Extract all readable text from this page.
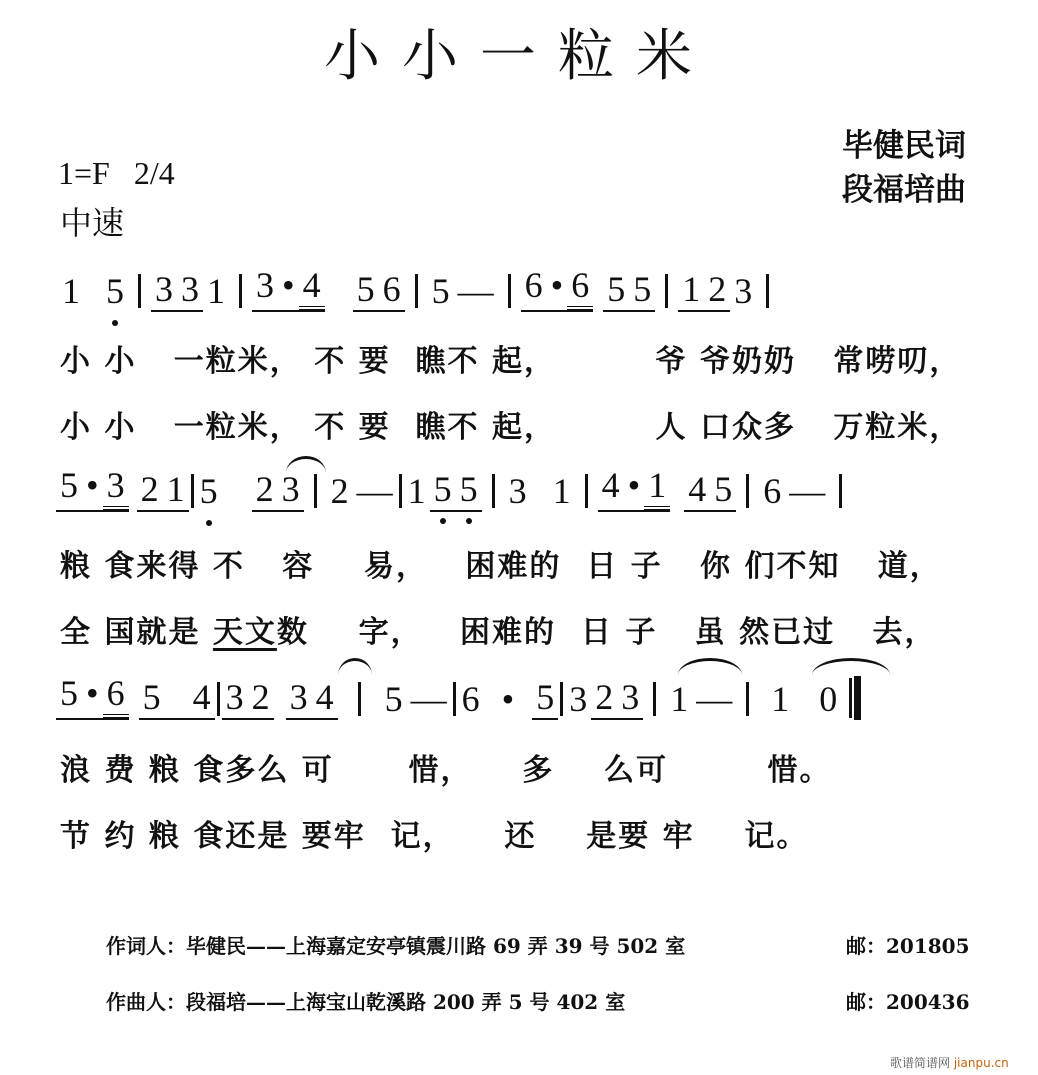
小小一粒米
1=F 2/4
中速
毕健民词
段福培曲
1 5 3 3 1 3 • 4 5 6 5 — 6 • 6 5 5 1 2 3
小 小   一粒米， 不 要  瞧不 起，        爷 爷奶奶   常唠叨，
小 小   一粒米， 不 要  瞧不 起，        人 口众多   万粒米，
5 • 3 2 1 5 2 3 2 — 1 5 5 3 1 4 • 1 4 5 6 —
粮 食来得 不   容    易，   困难的  日 子   你 们不知   道，
全 国就是 天文数    字，   困难的  日 子   虽 然已过   去，
5 • 6 5 4 3 2 3 4 5 — 6 • 5 3 2 3 1 — 1 0
浪 费 粮 食多么 可      惜，    多    么可        惜。
节 约 粮 食还是 要牢  记，    还    是要 牢    记。
作词人：毕健民——上海嘉定安亭镇震川路 69 弄 39 号 502 室	邮：201805
作曲人：段福培——上海宝山乾溪路 200 弄 5 号 402 室	邮：200436
歌谱简谱网 jianpu.cn
